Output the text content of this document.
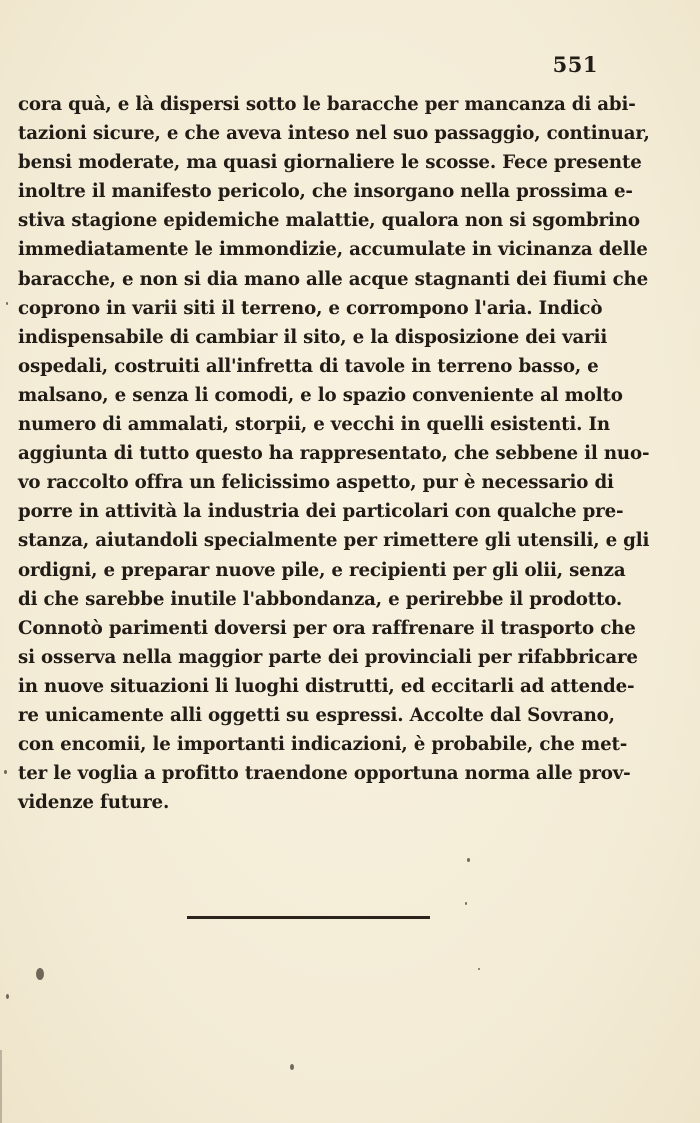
551
cora quà, e là dispersi sotto le baracche per mancanza di abi-
tazioni sicure, e che aveva inteso nel suo passaggio, continuar,
bensi moderate, ma quasi giornaliere le scosse. Fece presente
inoltre il manifesto pericolo, che insorgano nella prossima e-
stiva stagione epidemiche malattie, qualora non si sgombrino
immediatamente le immondizie, accumulate in vicinanza delle
baracche, e non si dia mano alle acque stagnanti dei fiumi che
coprono in varii siti il terreno, e corrompono l'aria. Indicò
indispensabile di cambiar il sito, e la disposizione dei varii
ospedali, costruiti all'infretta di tavole in terreno basso, e
malsano, e senza li comodi, e lo spazio conveniente al molto
numero di ammalati, storpii, e vecchi in quelli esistenti. In
aggiunta di tutto questo ha rappresentato, che sebbene il nuo-
vo raccolto offra un felicissimo aspetto, pur è necessario di
porre in attività la industria dei particolari con qualche pre-
stanza, aiutandoli specialmente per rimettere gli utensili, e gli
ordigni, e preparar nuove pile, e recipienti per gli olii, senza
di che sarebbe inutile l'abbondanza, e perirebbe il prodotto.
Connotò parimenti doversi per ora raffrenare il trasporto che
si osserva nella maggior parte dei provinciali per rifabbricare
in nuove situazioni li luoghi distrutti, ed eccitarli ad attende-
re unicamente alli oggetti su espressi. Accolte dal Sovrano,
con encomii, le importanti indicazioni, è probabile, che met-
ter le voglia a profitto traendone opportuna norma alle prov-
videnze future.
